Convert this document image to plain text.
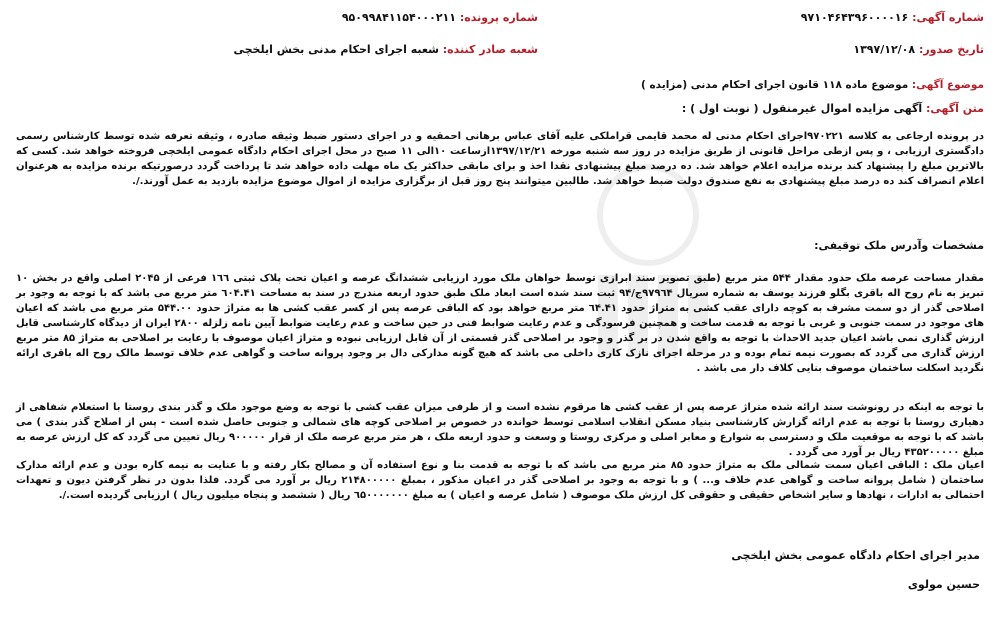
شماره آگهی: ۹۷۱۰۴۶۴۳۹۶۰۰۰۰۱۶
شماره پرونده: ۹۵۰۹۹۸۴۱۱۵۴۰۰۰۲۱۱
تاریخ صدور: ۱۳۹۷/۱۲/۰۸
شعبه صادر کننده: شعبه اجرای احکام مدنی بخش ایلخچی
موضوع آگهی: موضوع ماده ۱۱۸ قانون اجرای احکام مدنی (مزایده )
متن آگهی: آگهی مزایده اموال غیرمنقول ( نوبت اول ) :

در پرونده ارجاعی به کلاسه ۹۷۰۲۲۱اجرای احکام مدنی له محمد قایمی قراملکی علیه آقای عباس برهانی احمقیه و در اجرای دستور ضبط وثیقه صادره ، وثیقه تعرفه شده توسط کارشناس رسمی دادگستری ارزیابی ، و پس ازطی مراحل قانونی از طریق مزایده در روز سه شنبه مورخه ۱۳۹۷/۱۲/۲۱ازساعت ۱۰الی ۱۱ صبح در محل اجرای احکام دادگاه عمومی ایلخچی فروخته خواهد شد. کسی که بالاترین مبلغ را پیشنهاد کند برنده مزایده اعلام خواهد شد. ده درصد مبلغ پیشنهادی نقدا اخذ و برای مابقی حداکثر یک ماه مهلت داده خواهد شد تا پرداخت گردد درصورتیکه برنده مزایده به هرعنوان اعلام انصراف کند ده درصد مبلغ پیشنهادی به نفع صندوق دولت ضبط خواهد شد. طالبین میتوانند پنج روز قبل از برگزاری مزایده از اموال موضوع مزایده بازدید به عمل آورند./.

مشخصات وآدرس ملک توقیفی:

مقدار مساحت عرصه ملک حدود مقدار ۵۴۴ متر مربع (طبق تصویر سند ابرازی توسط خواهان ملک مورد ارزیابی ششدانگ عرصه و اعیان تحت پلاک ثبتی ۱٦٦ فرعی از ۲۰۴۵ اصلی واقع در بخش ۱۰ تبریز به نام روح اله باقری بگلو فرزند یوسف به شماره سریال ۹۷۹٦۴ج/۹۴ ثبت سند شده است ابعاد ملک طبق حدود اربعه مندرج در سند به مساحت ٦۰۴.۴۱ متر مربع می باشد که با توجه به وجود بر اصلاحی گذر از دو سمت مشرف به کوچه دارای عقب کشی به متراژ حدود ٦۴.۴۱ متر مربع خواهد بود که الباقی عرصه پس از کسر عقب کشی ها به متراژ حدود ۵۴۴.۰۰ متر مربع می باشد که اعیان های موجود در سمت جنوبی و غربی با توجه به قدمت ساخت و همچنین فرسودگی و عدم رعایت ضوابط فنی در حین ساخت و عدم رعایت ضوابط آیین نامه زلزله ۲۸۰۰ ایران از دیدگاه کارشناسی قابل ارزش گذاری نمی باشد اعیان جدید الاحداث با توجه به واقع شدن در بر گذر و وجود بر اصلاحی گذر قسمتی از آن قابل ارزیابی نبوده و متراژ اعیان موصوف با رعایت بر اصلاحی به متراژ ۸۵ متر مربع ارزش گذاری می گردد که بصورت نیمه تمام بوده و در مرحله اجرای نازک کاری داخلی می باشد که هیچ گونه مدارکی دال بر وجود پروانه ساخت و گواهی عدم خلاف توسط مالک روح اله باقری ارائه نگردید اسکلت ساختمان موصوف بنایی کلاف دار می باشد .

با توجه به اینکه در رونوشت سند ارائه شده متراژ عرصه پس از عقب کشی ها مرقوم نشده است و از طرفی میزان عقب کشی با توجه به وضع موجود ملک و گذر بندی روستا با استعلام شفاهی از دهیاری روستا با توجه به عدم ارائه گزارش کارشناسی بنیاد مسکن انقلاب اسلامی توسط خوانده در خصوص بر اصلاحی کوچه های شمالی و جنوبی حاصل شده است - پس از اصلاح گذر بندی ) می باشد که با توجه به موقعیت ملک و دسترسی به شوارع و معابر اصلی و مرکزی روستا و وسعت و حدود اربعه ملک ، هر متر مربع عرصه ملک از قرار ۹۰۰۰۰۰ ریال تعیین می گردد که کل ارزش عرصه به مبلغ ۴۳۵۲۰۰۰۰۰ ریال بر آورد می گردد .

اعیان ملک : الباقی اعیان سمت شمالی ملک به متراژ حدود ۸۵ متر مربع می باشد که با توجه به قدمت بنا و نوع استفاده آن و مصالح بکار رفته و با عنایت به نیمه کاره بودن و عدم ارائه مدارک ساختمان ( شامل پروانه ساخت و گواهی عدم خلاف و... ) و با توجه به وجود بر اصلاحی گذر در اعیان مذکور ، بمبلغ ۲۱۴۸۰۰۰۰۰ ریال بر آورد می گردد. فلذا بدون در نظر گرفتن دیون و تعهدات احتمالی به ادارات ، نهادها و سایر اشخاص حقیقی و حقوقی کل ارزش ملک موصوف ( شامل عرصه و اعیان ) به مبلغ ٦۵۰۰۰۰۰۰۰ ریال ( ششصد و پنجاه میلیون ریال ) ارزیابی گردیده است./.

مدیر اجرای احکام دادگاه عمومی بخش ایلخچی
حسین مولوی
